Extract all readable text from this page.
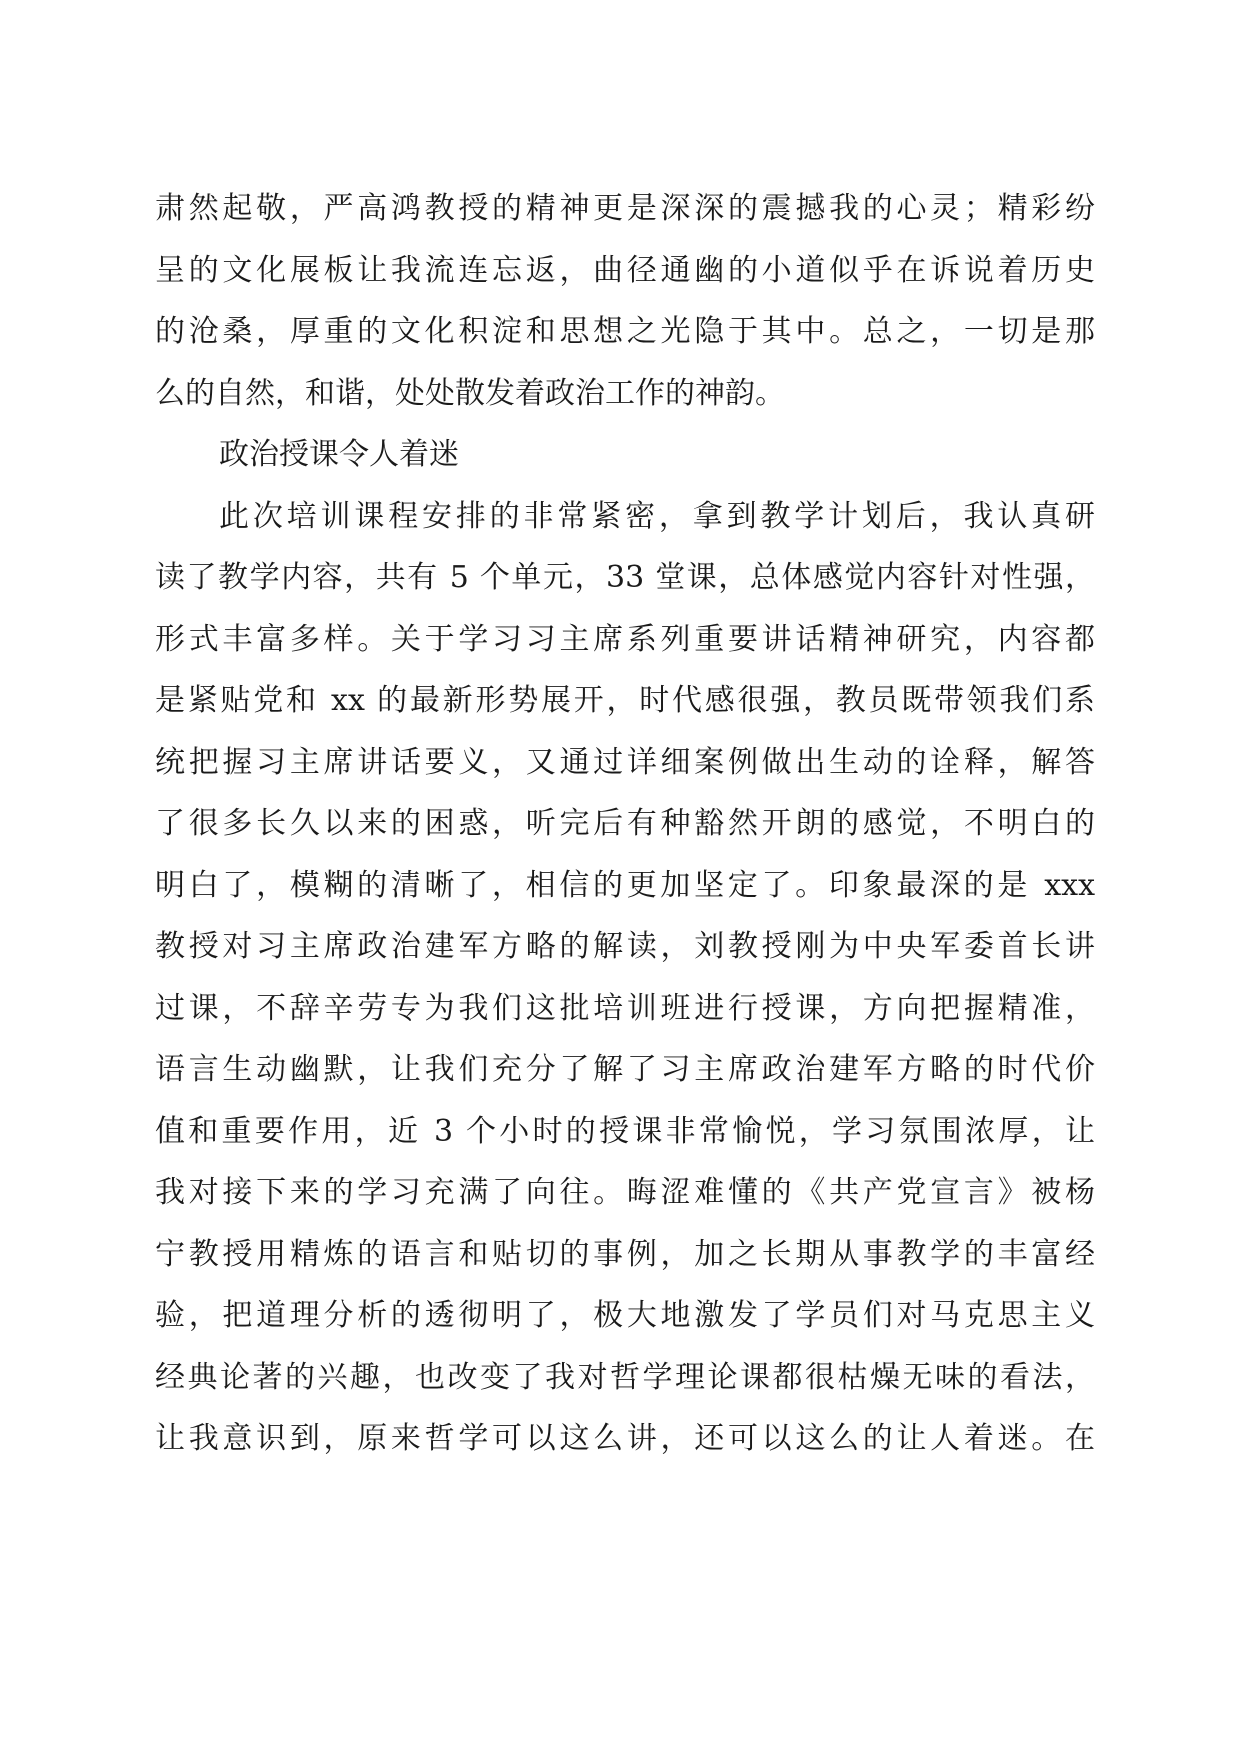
肃然起敬，严高鸿教授的精神更是深深的震撼我的心灵；精彩纷
呈的文化展板让我流连忘返，曲径通幽的小道似乎在诉说着历史
的沧桑，厚重的文化积淀和思想之光隐于其中。总之，一切是那
么的自然，和谐，处处散发着政治工作的神韵。
政治授课令人着迷
此次培训课程安排的非常紧密，拿到教学计划后，我认真研
读了教学内容，共有 5 个单元，33 堂课，总体感觉内容针对性强，
形式丰富多样。关于学习习主席系列重要讲话精神研究，内容都
是紧贴党和 xx 的最新形势展开，时代感很强，教员既带领我们系
统把握习主席讲话要义，又通过详细案例做出生动的诠释，解答
了很多长久以来的困惑，听完后有种豁然开朗的感觉，不明白的
明白了，模糊的清晰了，相信的更加坚定了。印象最深的是 xxx
教授对习主席政治建军方略的解读，刘教授刚为中央军委首长讲
过课，不辞辛劳专为我们这批培训班进行授课，方向把握精准，
语言生动幽默，让我们充分了解了习主席政治建军方略的时代价
值和重要作用，近 3 个小时的授课非常愉悦，学习氛围浓厚，让
我对接下来的学习充满了向往。晦涩难懂的《共产党宣言》被杨
宁教授用精炼的语言和贴切的事例，加之长期从事教学的丰富经
验，把道理分析的透彻明了，极大地激发了学员们对马克思主义
经典论著的兴趣，也改变了我对哲学理论课都很枯燥无味的看法，
让我意识到，原来哲学可以这么讲，还可以这么的让人着迷。在
